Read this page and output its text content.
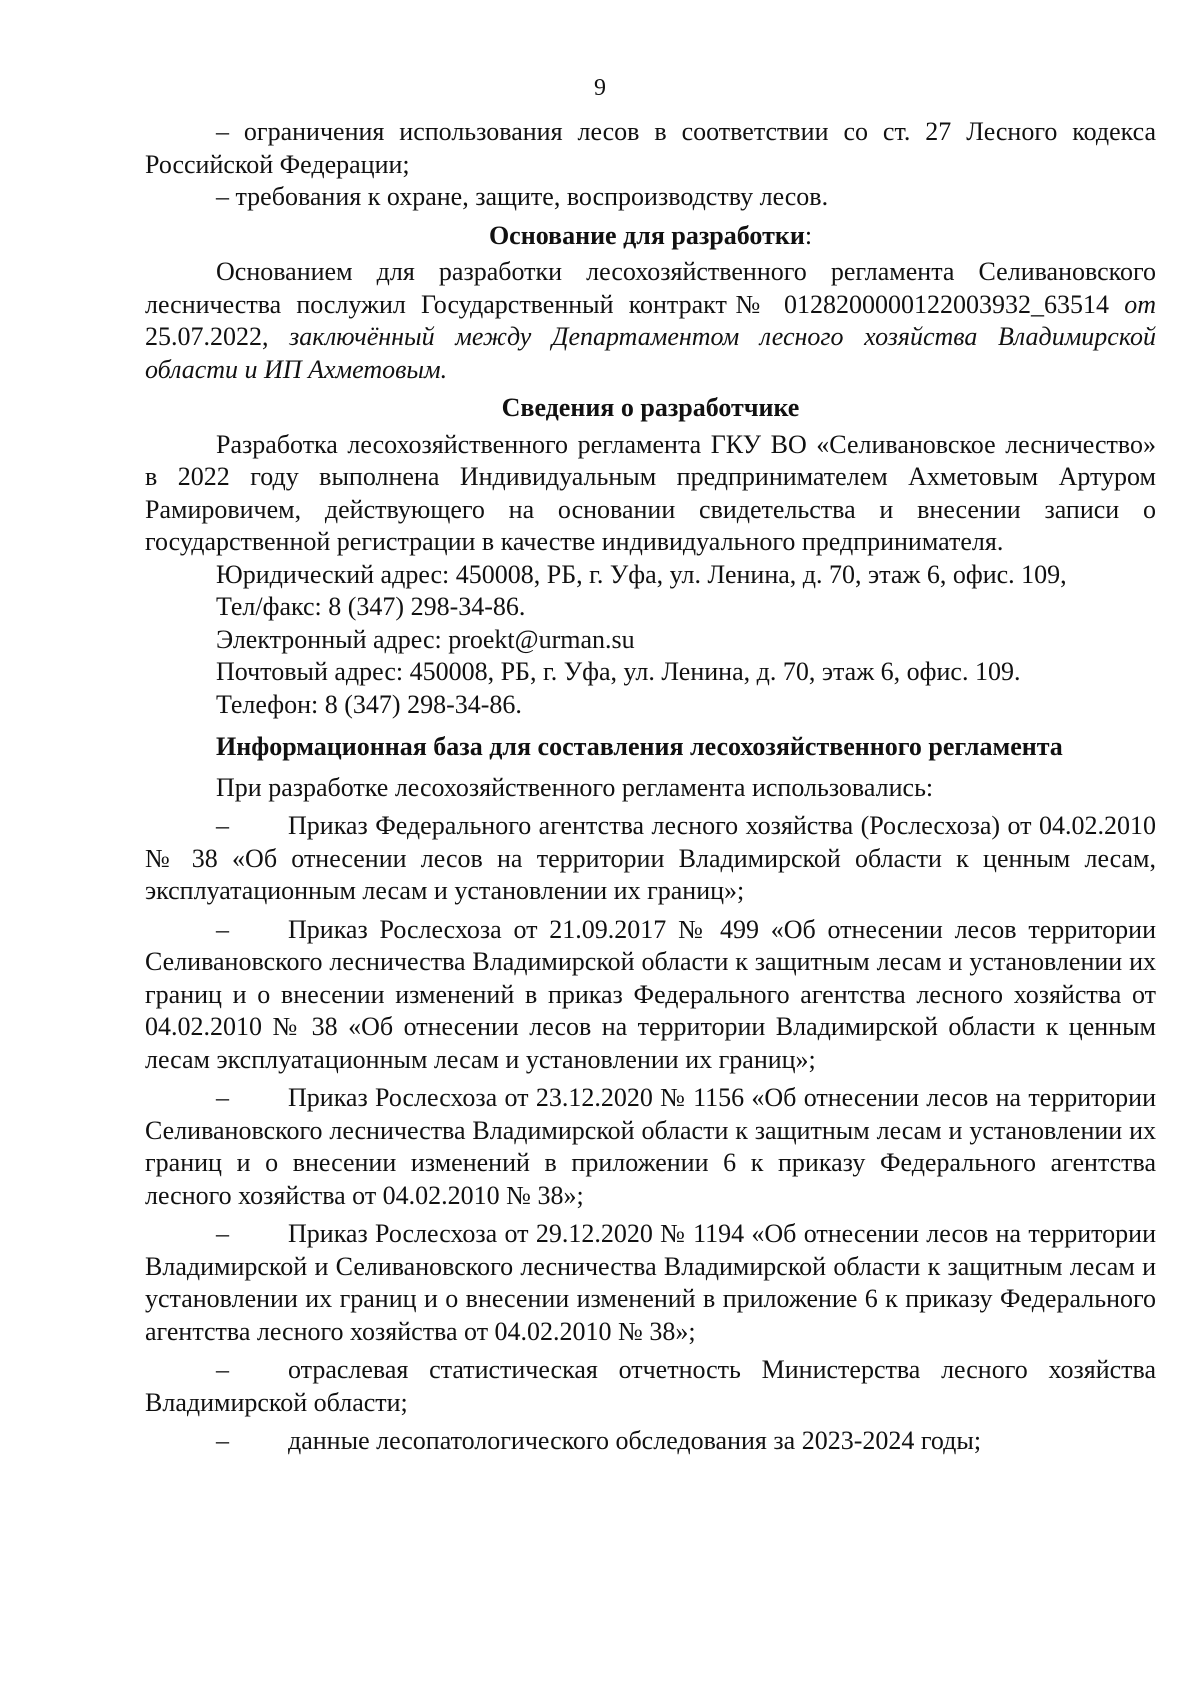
9

– ограничения использования лесов в соответствии со ст. 27 Лесного кодекса Российской Федерации;

– требования к охране, защите, воспроизводству лесов.

Основание для разработки:

Основанием для разработки лесохозяйственного регламента Селивановского лесничества послужил Государственный контракт№ 0128200000122003932_63514 от 25.07.2022, заключённый между Департаментом лесного хозяйства Владимирской области и ИП Ахметовым.

Сведения о разработчике

Разработка лесохозяйственного регламента ГКУ ВО «Селивановское лесничество» в 2022 году выполнена Индивидуальным предпринимателем Ахметовым Артуром Рамировичем, действующего на основании свидетельства и внесении записи о государственной регистрации в качестве индивидуального предпринимателя.

Юридический адрес: 450008, РБ, г. Уфа, ул. Ленина, д. 70, этаж 6, офис. 109,

Тел/факс: 8 (347) 298-34-86.

Электронный адрес: proekt@urman.su

Почтовый адрес: 450008, РБ, г. Уфа, ул. Ленина, д. 70, этаж 6, офис. 109.

Телефон: 8 (347) 298-34-86.

Информационная база для составления лесохозяйственного регламента

При разработке лесохозяйственного регламента использовались:

– Приказ Федерального агентства лесного хозяйства (Рослесхоза) от 04.02.2010 № 38 «Об отнесении лесов на территории Владимирской области к ценным лесам, эксплуатационным лесам и установлении их границ»;

– Приказ Рослесхоза от 21.09.2017 № 499 «Об отнесении лесов территории Селивановского лесничества Владимирской области к защитным лесам и установлении их границ и о внесении изменений в приказ Федерального агентства лесного хозяйства от 04.02.2010 № 38 «Об отнесении лесов на территории Владимирской области к ценным лесам эксплуатационным лесам и установлении их границ»;

– Приказ Рослесхоза от 23.12.2020 № 1156 «Об отнесении лесов на территории Селивановского лесничества Владимирской области к защитным лесам и установлении их границ и о внесении изменений в приложении 6 к приказу Федерального агентства лесного хозяйства от 04.02.2010 № 38»;

– Приказ Рослесхоза от 29.12.2020 № 1194 «Об отнесении лесов на территории Владимирской и Селивановского лесничества Владимирской области к защитным лесам и установлении их границ и о внесении изменений в приложение 6 к приказу Федерального агентства лесного хозяйства от 04.02.2010 № 38»;

– отраслевая статистическая отчетность Министерства лесного хозяйства Владимирской области;

– данные лесопатологического обследования за 2023-2024 годы;
